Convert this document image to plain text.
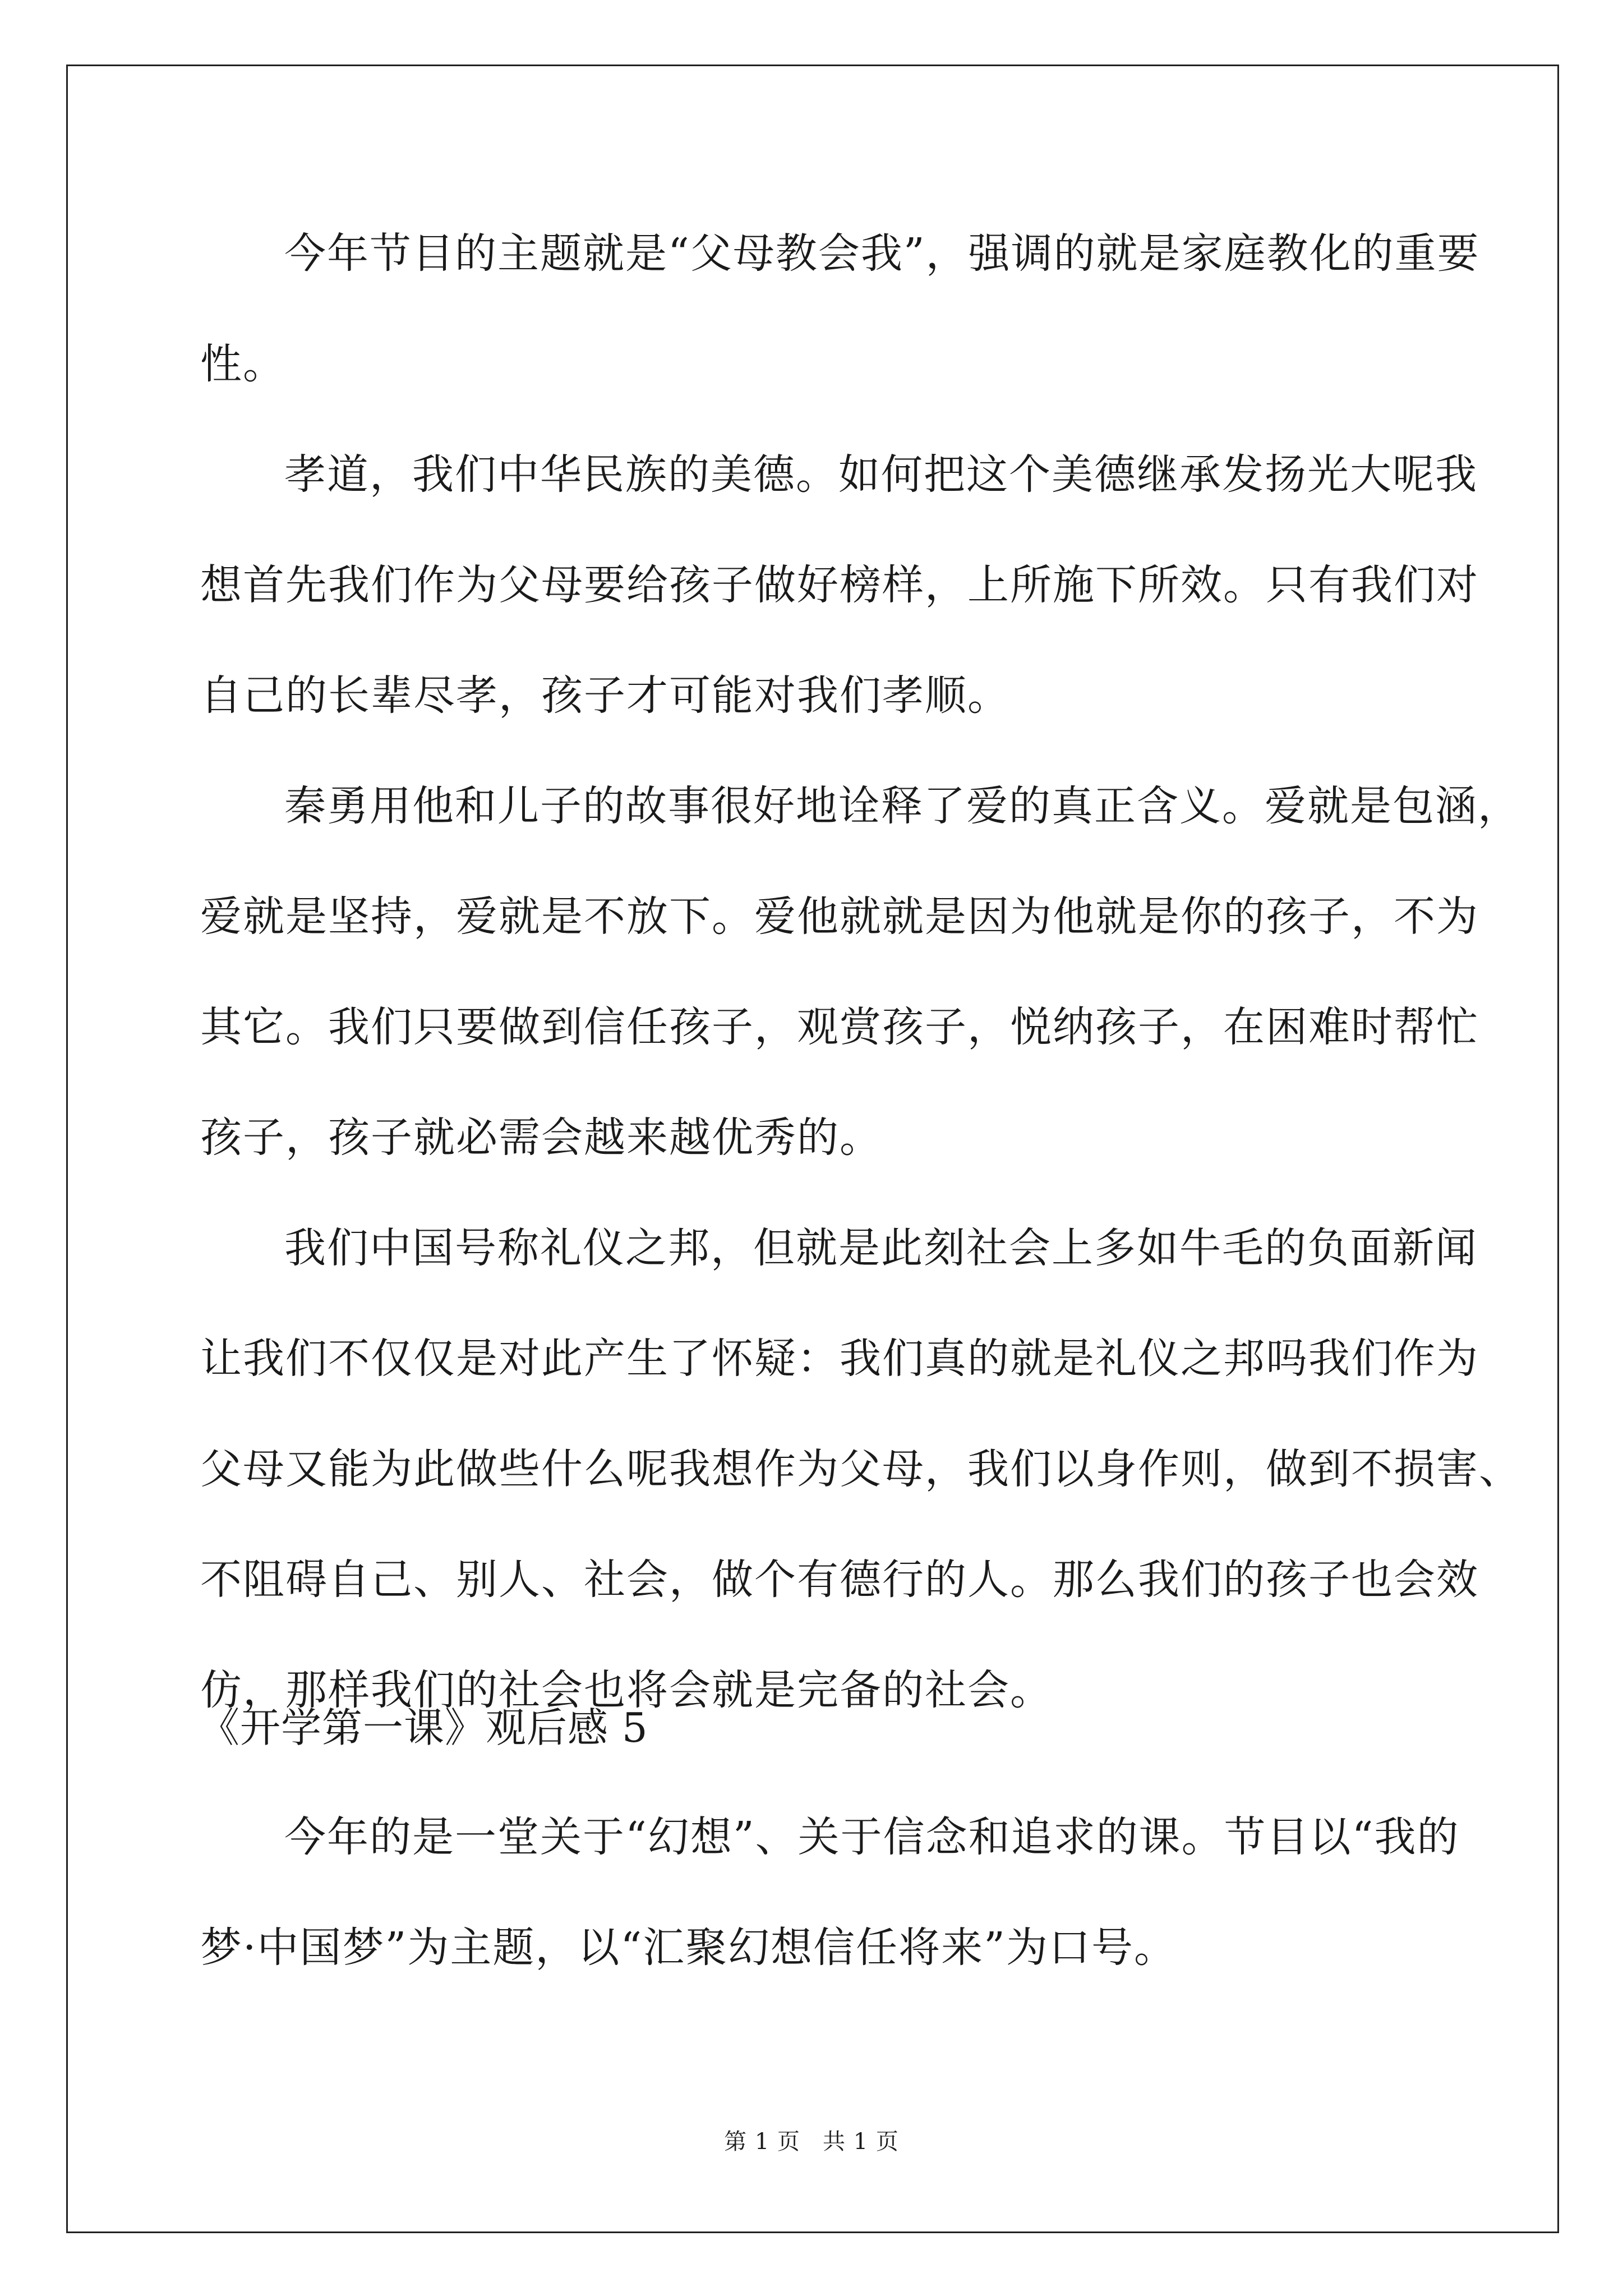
今年节目的主题就是“父母教会我”，强调的就是家庭教化的重要
性。
孝道，我们中华民族的美德。如何把这个美德继承发扬光大呢我
想首先我们作为父母要给孩子做好榜样，上所施下所效。只有我们对
自己的长辈尽孝，孩子才可能对我们孝顺。
秦勇用他和儿子的故事很好地诠释了爱的真正含义。爱就是包涵，
爱就是坚持，爱就是不放下。爱他就就是因为他就是你的孩子，不为
其它。我们只要做到信任孩子，观赏孩子，悦纳孩子，在困难时帮忙
孩子，孩子就必需会越来越优秀的。
我们中国号称礼仪之邦，但就是此刻社会上多如牛毛的负面新闻
让我们不仅仅是对此产生了怀疑：我们真的就是礼仪之邦吗我们作为
父母又能为此做些什么呢我想作为父母，我们以身作则，做到不损害、
不阻碍自己、别人、社会，做个有德行的人。那么我们的孩子也会效
仿，那样我们的社会也将会就是完备的社会。
《开学第一课》观后感 5
今年的是一堂关于“幻想”、关于信念和追求的课。节目以“我的
梦·中国梦”为主题，以“汇聚幻想信任将来”为口号。
第 1 页 共 1 页
